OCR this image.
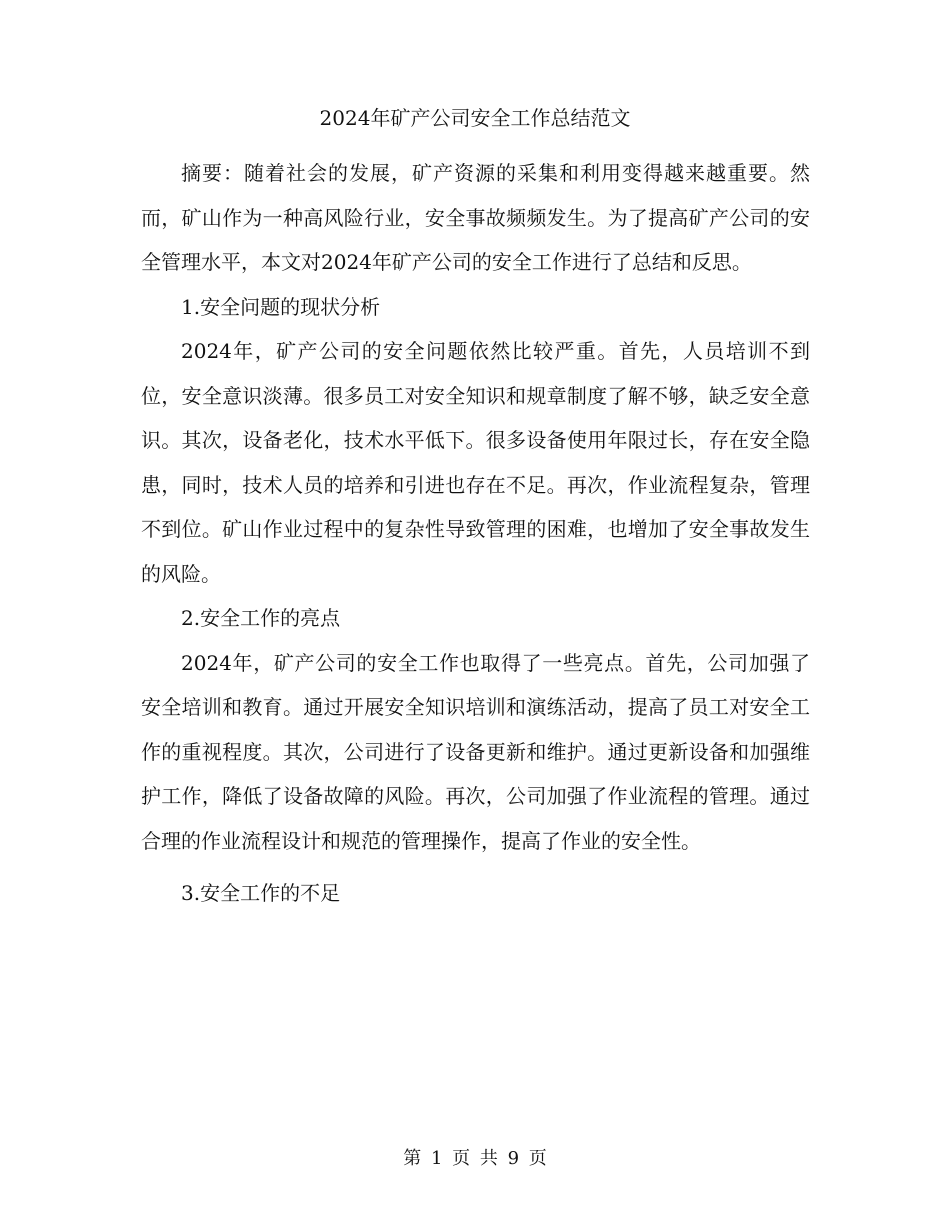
2024年矿产公司安全工作总结范文

摘要：随着社会的发展，矿产资源的采集和利用变得越来越重要。然而，矿山作为一种高风险行业，安全事故频频发生。为了提高矿产公司的安全管理水平，本文对2024年矿产公司的安全工作进行了总结和反思。

1.安全问题的现状分析

2024年，矿产公司的安全问题依然比较严重。首先，人员培训不到位，安全意识淡薄。很多员工对安全知识和规章制度了解不够，缺乏安全意识。其次，设备老化，技术水平低下。很多设备使用年限过长，存在安全隐患，同时，技术人员的培养和引进也存在不足。再次，作业流程复杂，管理不到位。矿山作业过程中的复杂性导致管理的困难，也增加了安全事故发生的风险。

2.安全工作的亮点

2024年，矿产公司的安全工作也取得了一些亮点。首先，公司加强了安全培训和教育。通过开展安全知识培训和演练活动，提高了员工对安全工作的重视程度。其次，公司进行了设备更新和维护。通过更新设备和加强维护工作，降低了设备故障的风险。再次，公司加强了作业流程的管理。通过合理的作业流程设计和规范的管理操作，提高了作业的安全性。

3.安全工作的不足

第 1 页 共 9 页
